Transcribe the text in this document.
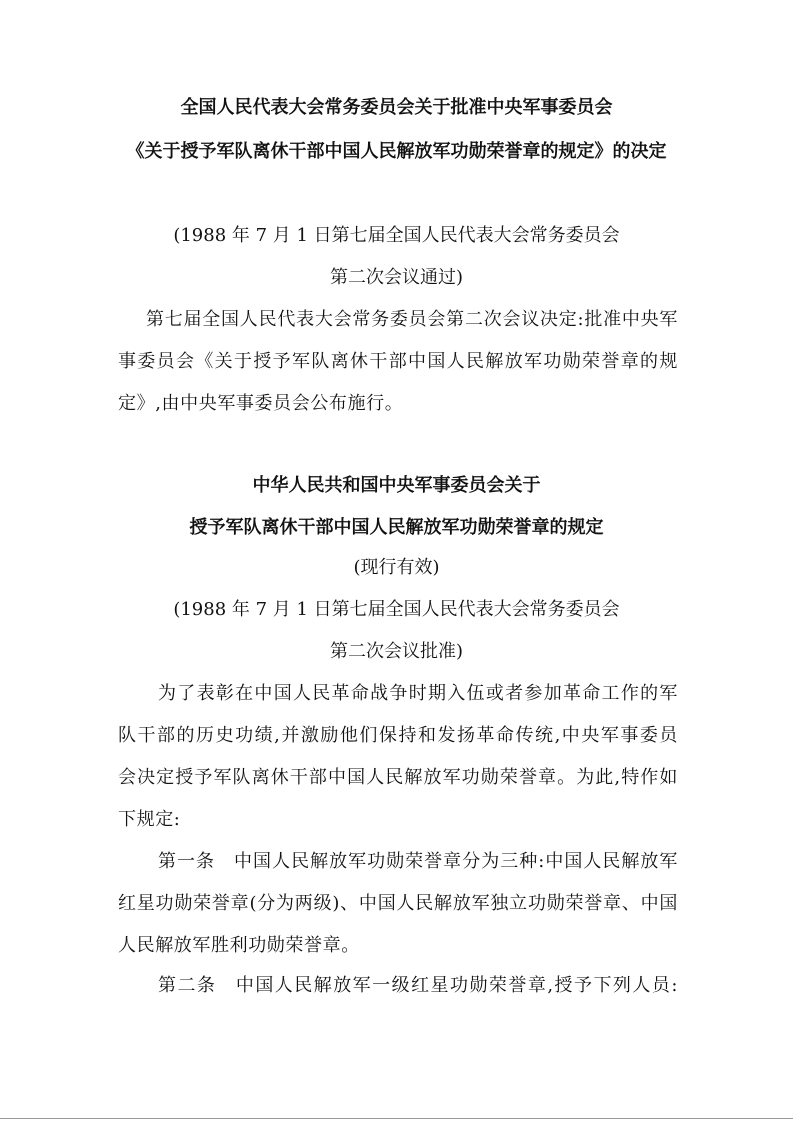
全国人民代表大会常务委员会关于批准中央军事委员会
《关于授予军队离休干部中国人民解放军功勋荣誉章的规定》的决定
(1988 年 7 月 1 日第七届全国人民代表大会常务委员会
第二次会议通过)
第七届全国人民代表大会常务委员会第二次会议决定:批准中央军
事委员会《关于授予军队离休干部中国人民解放军功勋荣誉章的规
定》,由中央军事委员会公布施行。
中华人民共和国中央军事委员会关于
授予军队离休干部中国人民解放军功勋荣誉章的规定
(现行有效)
(1988 年 7 月 1 日第七届全国人民代表大会常务委员会
第二次会议批准)
为了表彰在中国人民革命战争时期入伍或者参加革命工作的军
队干部的历史功绩,并激励他们保持和发扬革命传统,中央军事委员
会决定授予军队离休干部中国人民解放军功勋荣誉章。为此,特作如
下规定:
第一条　中国人民解放军功勋荣誉章分为三种:中国人民解放军
红星功勋荣誉章(分为两级)、中国人民解放军独立功勋荣誉章、中国
人民解放军胜利功勋荣誉章。
第二条　中国人民解放军一级红星功勋荣誉章,授予下列人员:
